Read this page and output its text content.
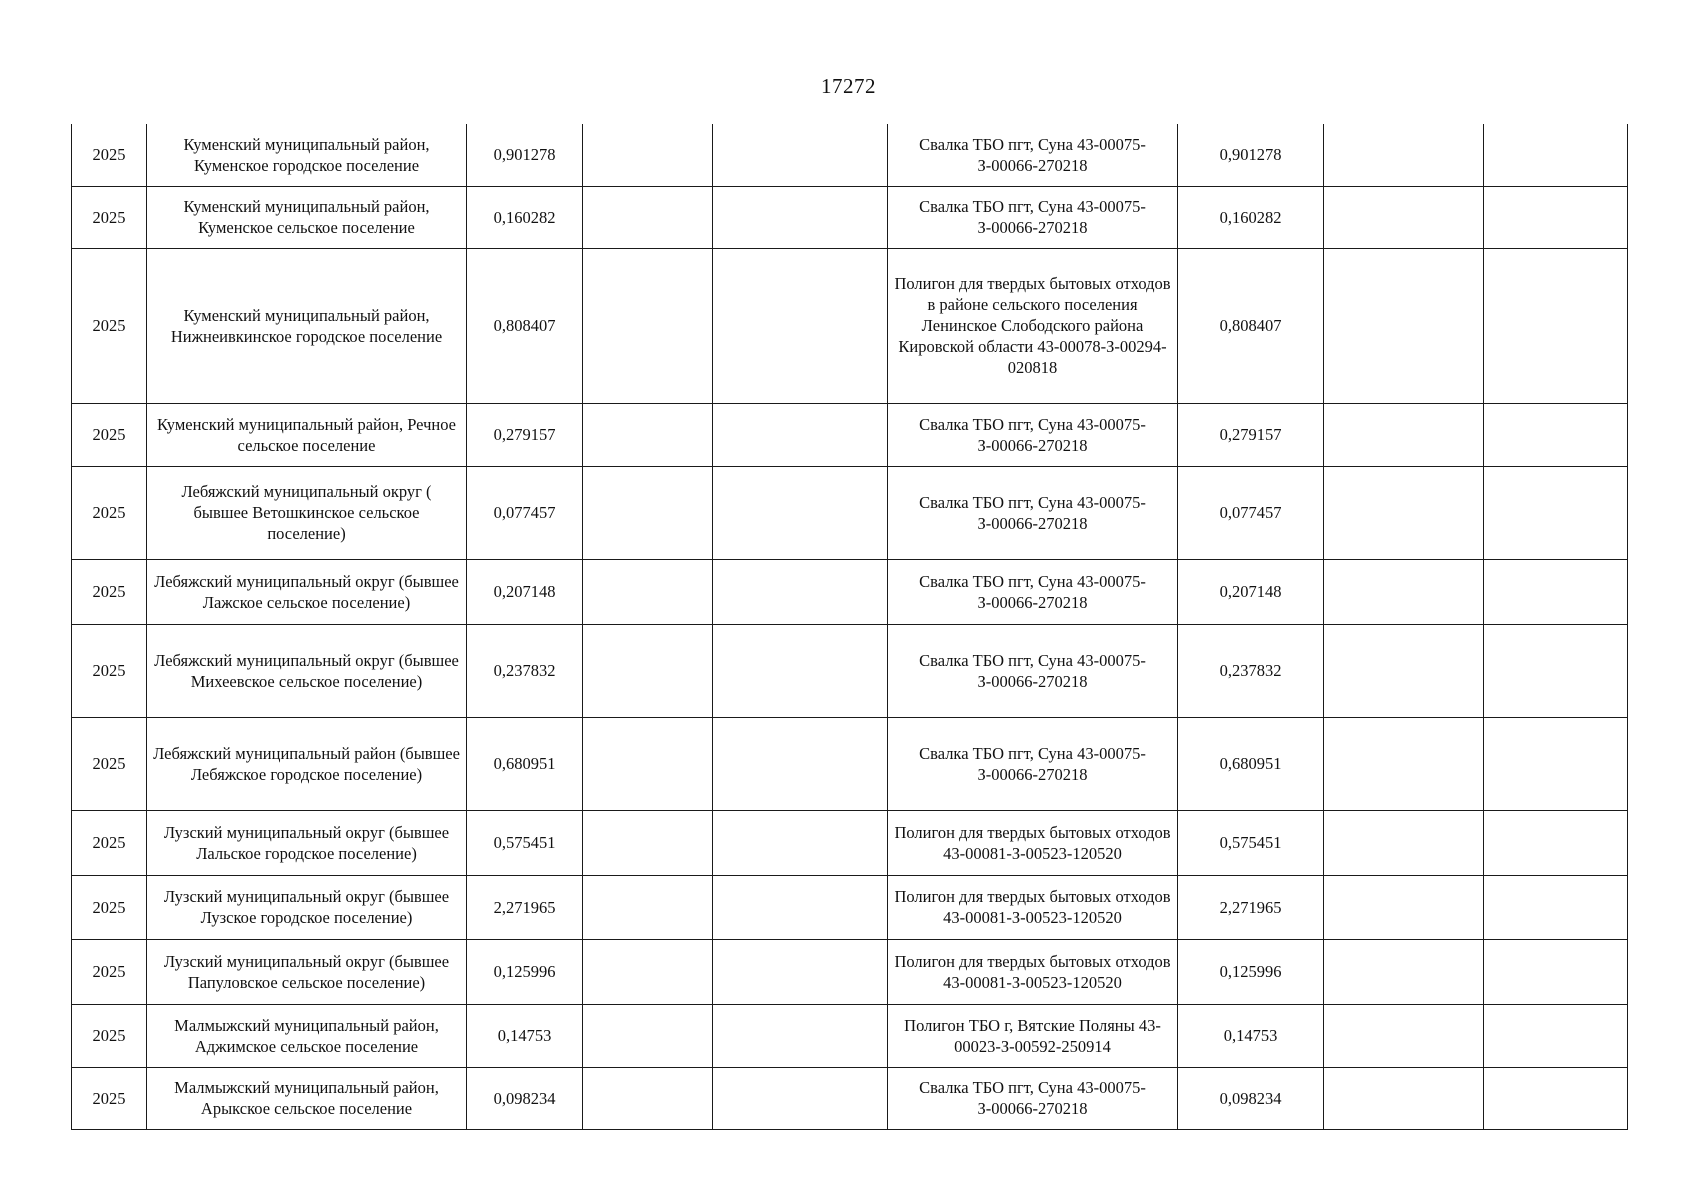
17272
2025	Куменский муниципальный район, Куменское городское поселение	0,901278			Свалка ТБО пгт, Суна 43-00075-З-00066-270218	0,901278		
2025	Куменский муниципальный район, Куменское сельское поселение	0,160282			Свалка ТБО пгт, Суна 43-00075-З-00066-270218	0,160282		
2025	Куменский муниципальный район, Нижнеивкинское городское поселение	0,808407			Полигон для твердых бытовых отходов в районе сельского поселения Ленинское Слободского района Кировской области 43-00078-З-00294-020818	0,808407		
2025	Куменский муниципальный район, Речное сельское поселение	0,279157			Свалка ТБО пгт, Суна 43-00075-З-00066-270218	0,279157		
2025	Лебяжский муниципальный округ ( бывшее Ветошкинское сельское поселение)	0,077457			Свалка ТБО пгт, Суна 43-00075-З-00066-270218	0,077457		
2025	Лебяжский муниципальный округ (бывшее Лажское сельское поселение)	0,207148			Свалка ТБО пгт, Суна 43-00075-З-00066-270218	0,207148		
2025	Лебяжский муниципальный округ (бывшее Михеевское сельское поселение)	0,237832			Свалка ТБО пгт, Суна 43-00075-З-00066-270218	0,237832		
2025	Лебяжский муниципальный район (бывшее Лебяжское городское поселение)	0,680951			Свалка ТБО пгт, Суна 43-00075-З-00066-270218	0,680951		
2025	Лузский муниципальный округ (бывшее Лальское городское поселение)	0,575451			Полигон для твердых бытовых отходов 43-00081-З-00523-120520	0,575451		
2025	Лузский муниципальный округ (бывшее Лузское городское поселение)	2,271965			Полигон для твердых бытовых отходов 43-00081-З-00523-120520	2,271965		
2025	Лузский муниципальный округ (бывшее Папуловское сельское поселение)	0,125996			Полигон для твердых бытовых отходов 43-00081-З-00523-120520	0,125996		
2025	Малмыжский муниципальный район, Аджимское сельское поселение	0,14753			Полигон ТБО г, Вятские Поляны 43-00023-З-00592-250914	0,14753		
2025	Малмыжский муниципальный район, Арыкское сельское поселение	0,098234			Свалка ТБО пгт, Суна 43-00075-З-00066-270218	0,098234		
